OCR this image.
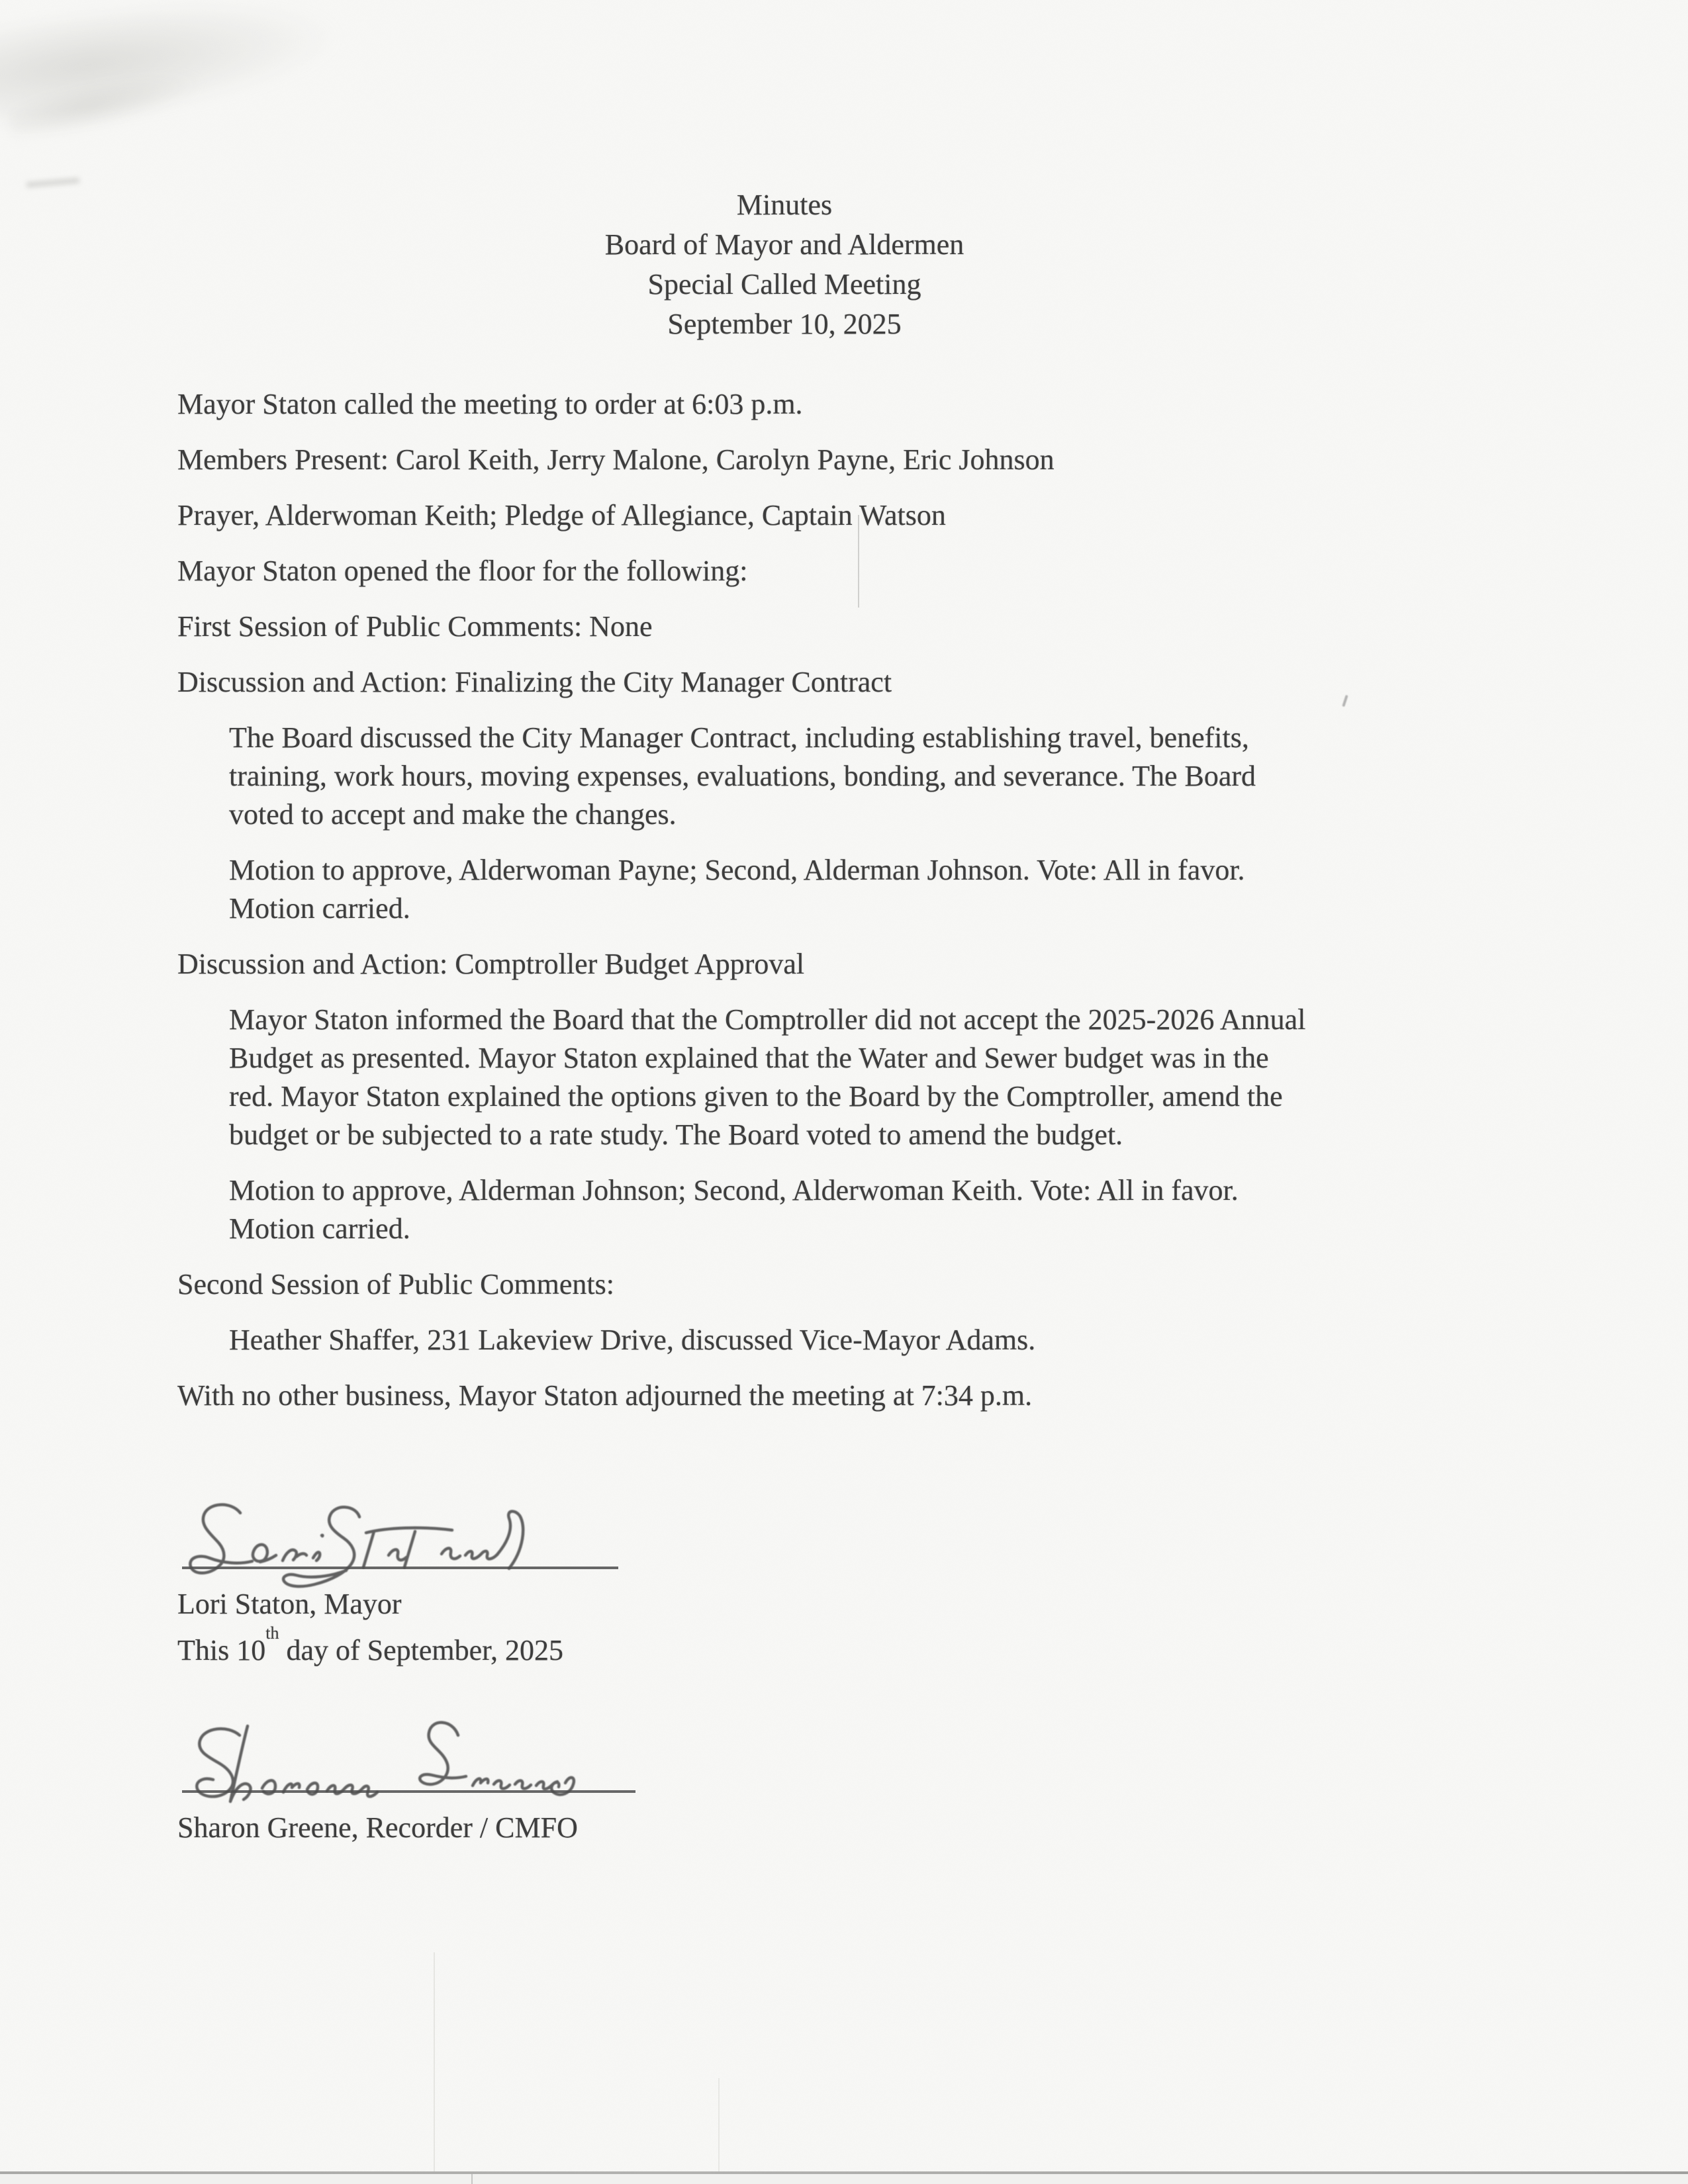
Minutes

Board of Mayor and Aldermen

Special Called Meeting

September 10, 2025

Mayor Staton called the meeting to order at 6:03 p.m.

Members Present: Carol Keith, Jerry Malone, Carolyn Payne, Eric Johnson

Prayer, Alderwoman Keith; Pledge of Allegiance, Captain Watson

Mayor Staton opened the floor for the following:

First Session of Public Comments: None

Discussion and Action: Finalizing the City Manager Contract

The Board discussed the City Manager Contract, including establishing travel, benefits,
training, work hours, moving expenses, evaluations, bonding, and severance. The Board
voted to accept and make the changes.

Motion to approve, Alderwoman Payne; Second, Alderman Johnson. Vote: All in favor.
Motion carried.

Discussion and Action: Comptroller Budget Approval

Mayor Staton informed the Board that the Comptroller did not accept the 2025-2026 Annual
Budget as presented. Mayor Staton explained that the Water and Sewer budget was in the
red. Mayor Staton explained the options given to the Board by the Comptroller, amend the
budget or be subjected to a rate study. The Board voted to amend the budget.

Motion to approve, Alderman Johnson; Second, Alderwoman Keith. Vote: All in favor.
Motion carried.

Second Session of Public Comments:

Heather Shaffer, 231 Lakeview Drive, discussed Vice-Mayor Adams.

With no other business, Mayor Staton adjourned the meeting at 7:34 p.m.

Lori Staton, Mayor

This 10th day of September, 2025

Sharon Greene, Recorder / CMFO
